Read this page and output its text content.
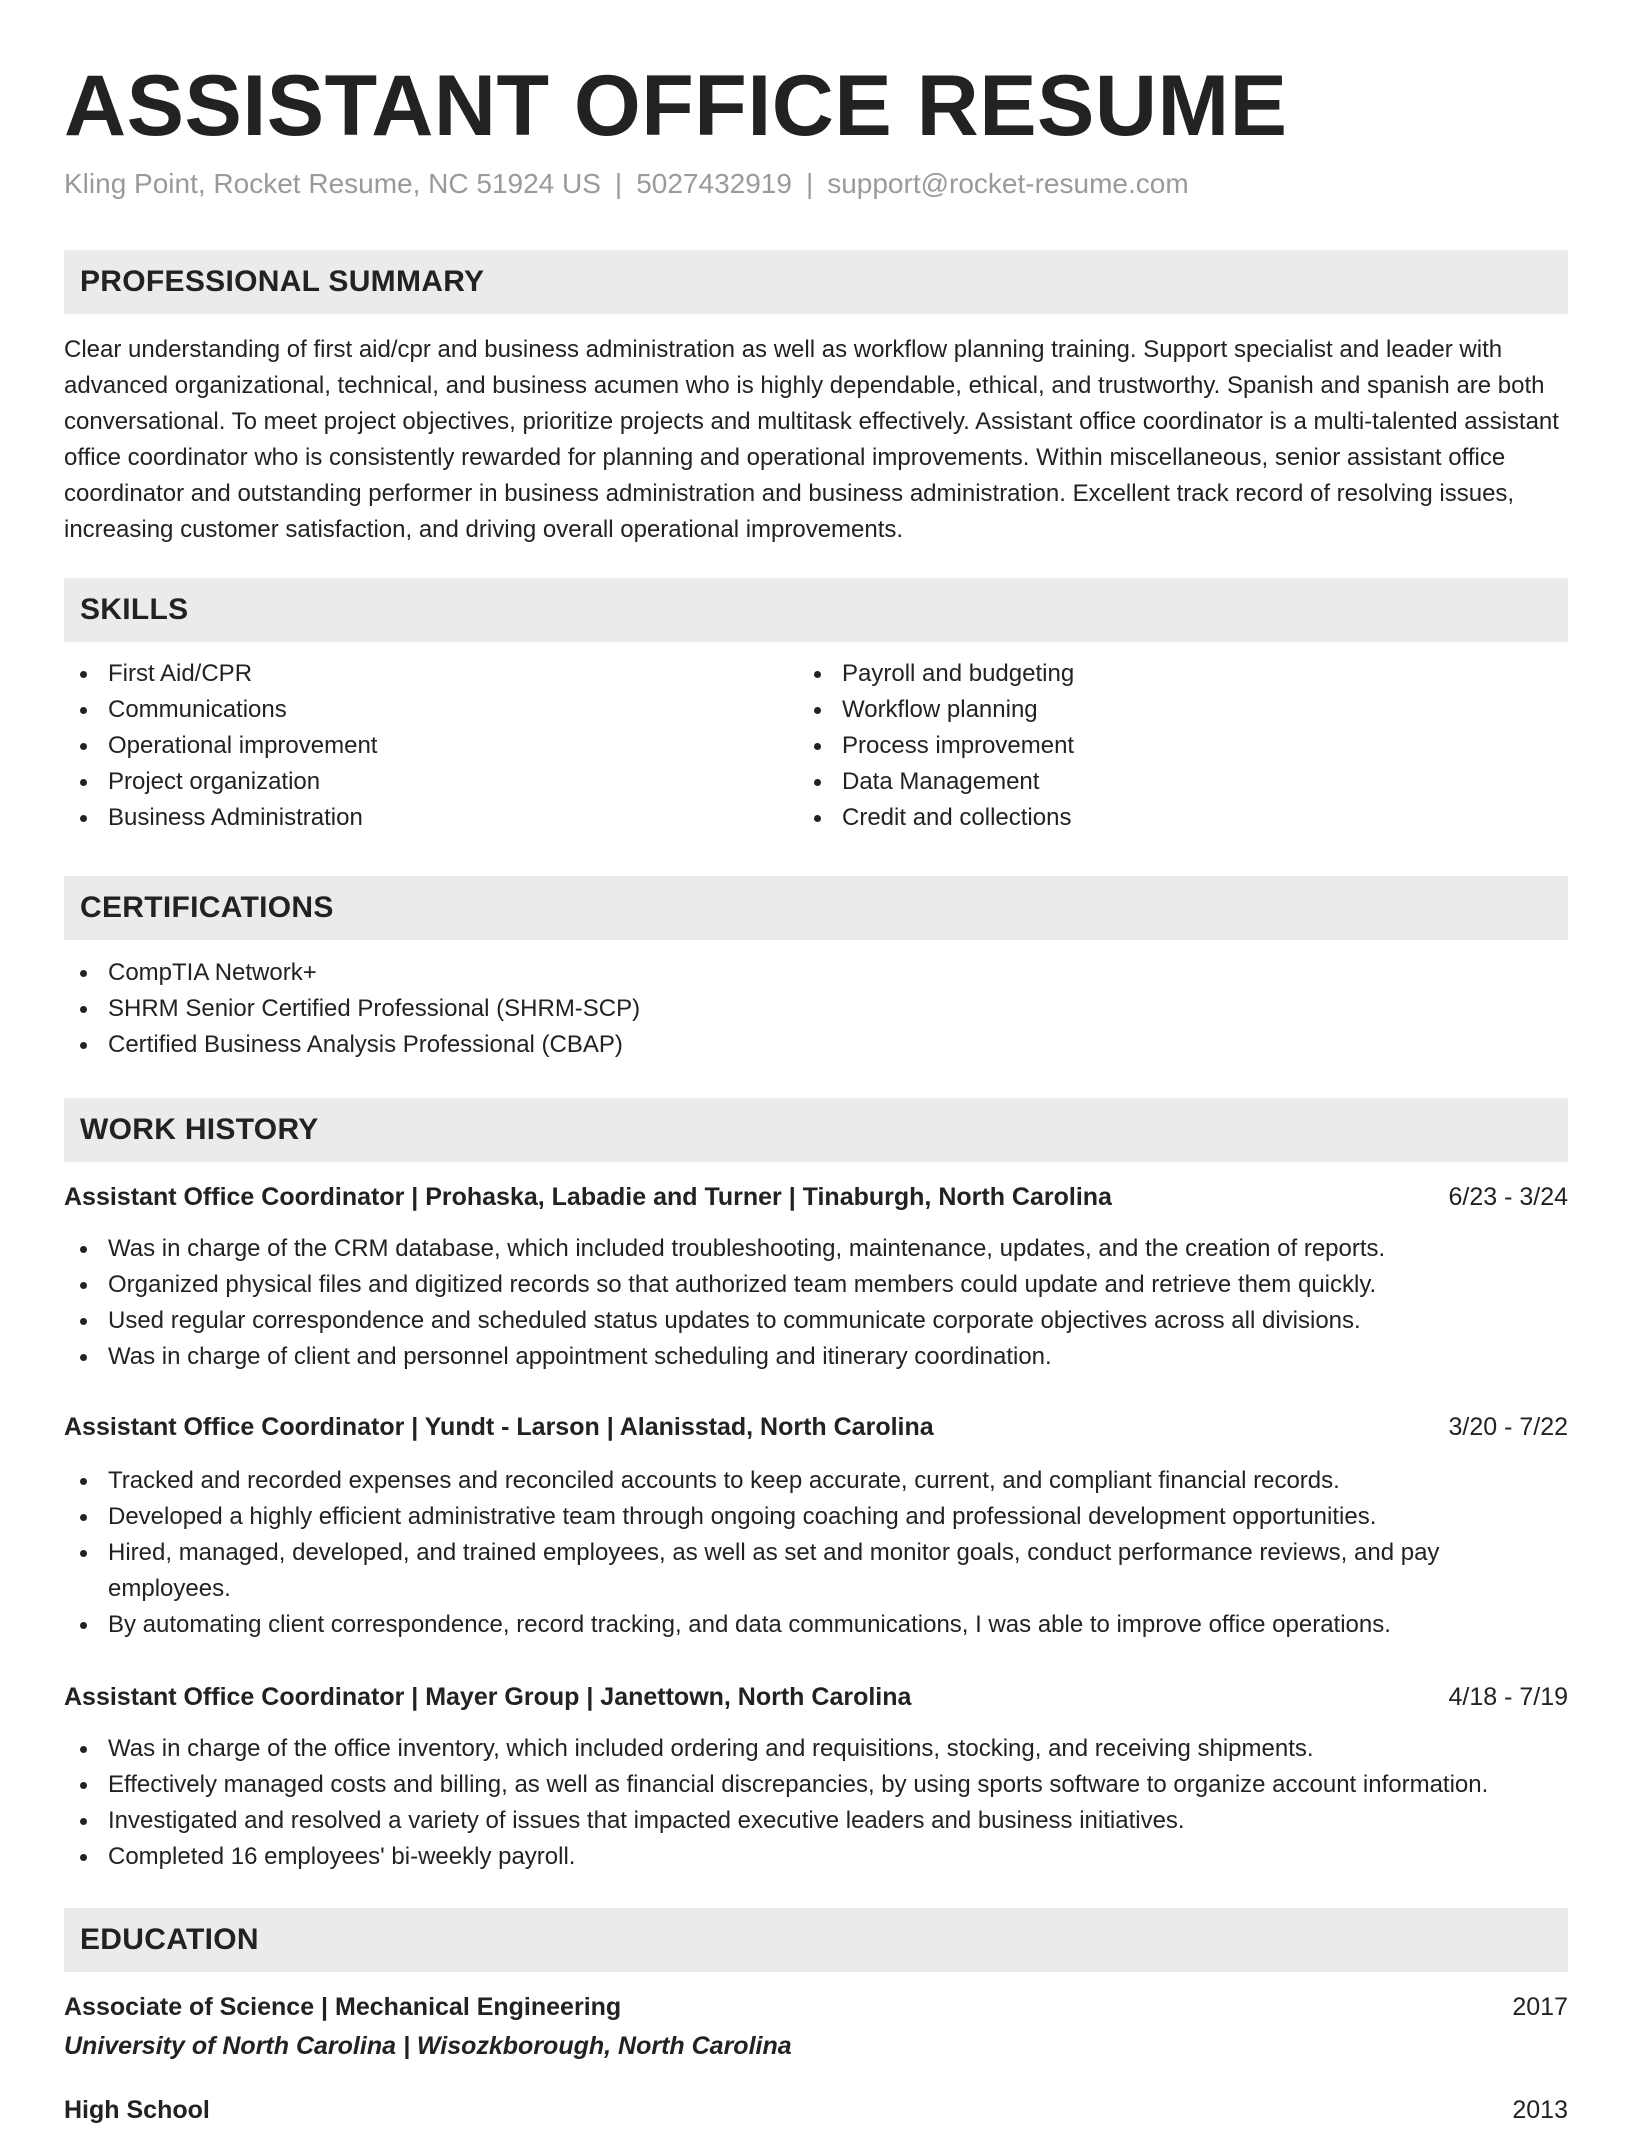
ASSISTANT OFFICE RESUME
Kling Point, Rocket Resume, NC 51924 US | 5027432919 | support@rocket-resume.com
PROFESSIONAL SUMMARY

Clear understanding of first aid/cpr and business administration as well as workflow planning training. Support specialist and leader with advanced organizational, technical, and business acumen who is highly dependable, ethical, and trustworthy. Spanish and spanish are both conversational. To meet project objectives, prioritize projects and multitask effectively. Assistant office coordinator is a multi-talented assistant office coordinator who is consistently rewarded for planning and operational improvements. Within miscellaneous, senior assistant office coordinator and outstanding performer in business administration and business administration. Excellent track record of resolving issues, increasing customer satisfaction, and driving overall operational improvements.

SKILLS
First Aid/CPR
Communications
Operational improvement
Project organization
Business Administration
Payroll and budgeting
Workflow planning
Process improvement
Data Management
Credit and collections
CERTIFICATIONS
CompTIA Network+
SHRM Senior Certified Professional (SHRM-SCP)
Certified Business Analysis Professional (CBAP)
WORK HISTORY
Assistant Office Coordinator | Prohaska, Labadie and Turner | Tinaburgh, North Carolina	6/23 - 3/24
Was in charge of the CRM database, which included troubleshooting, maintenance, updates, and the creation of reports.
Organized physical files and digitized records so that authorized team members could update and retrieve them quickly.
Used regular correspondence and scheduled status updates to communicate corporate objectives across all divisions.
Was in charge of client and personnel appointment scheduling and itinerary coordination.
Assistant Office Coordinator | Yundt - Larson | Alanisstad, North Carolina	3/20 - 7/22
Tracked and recorded expenses and reconciled accounts to keep accurate, current, and compliant financial records.
Developed a highly efficient administrative team through ongoing coaching and professional development opportunities.
Hired, managed, developed, and trained employees, as well as set and monitor goals, conduct performance reviews, and pay employees.
By automating client correspondence, record tracking, and data communications, I was able to improve office operations.
Assistant Office Coordinator | Mayer Group | Janettown, North Carolina	4/18 - 7/19
Was in charge of the office inventory, which included ordering and requisitions, stocking, and receiving shipments.
Effectively managed costs and billing, as well as financial discrepancies, by using sports software to organize account information.
Investigated and resolved a variety of issues that impacted executive leaders and business initiatives.
Completed 16 employees' bi-weekly payroll.
EDUCATION
Associate of Science | Mechanical Engineering	2017
University of North Carolina | Wisozkborough, North Carolina
High School	2013
